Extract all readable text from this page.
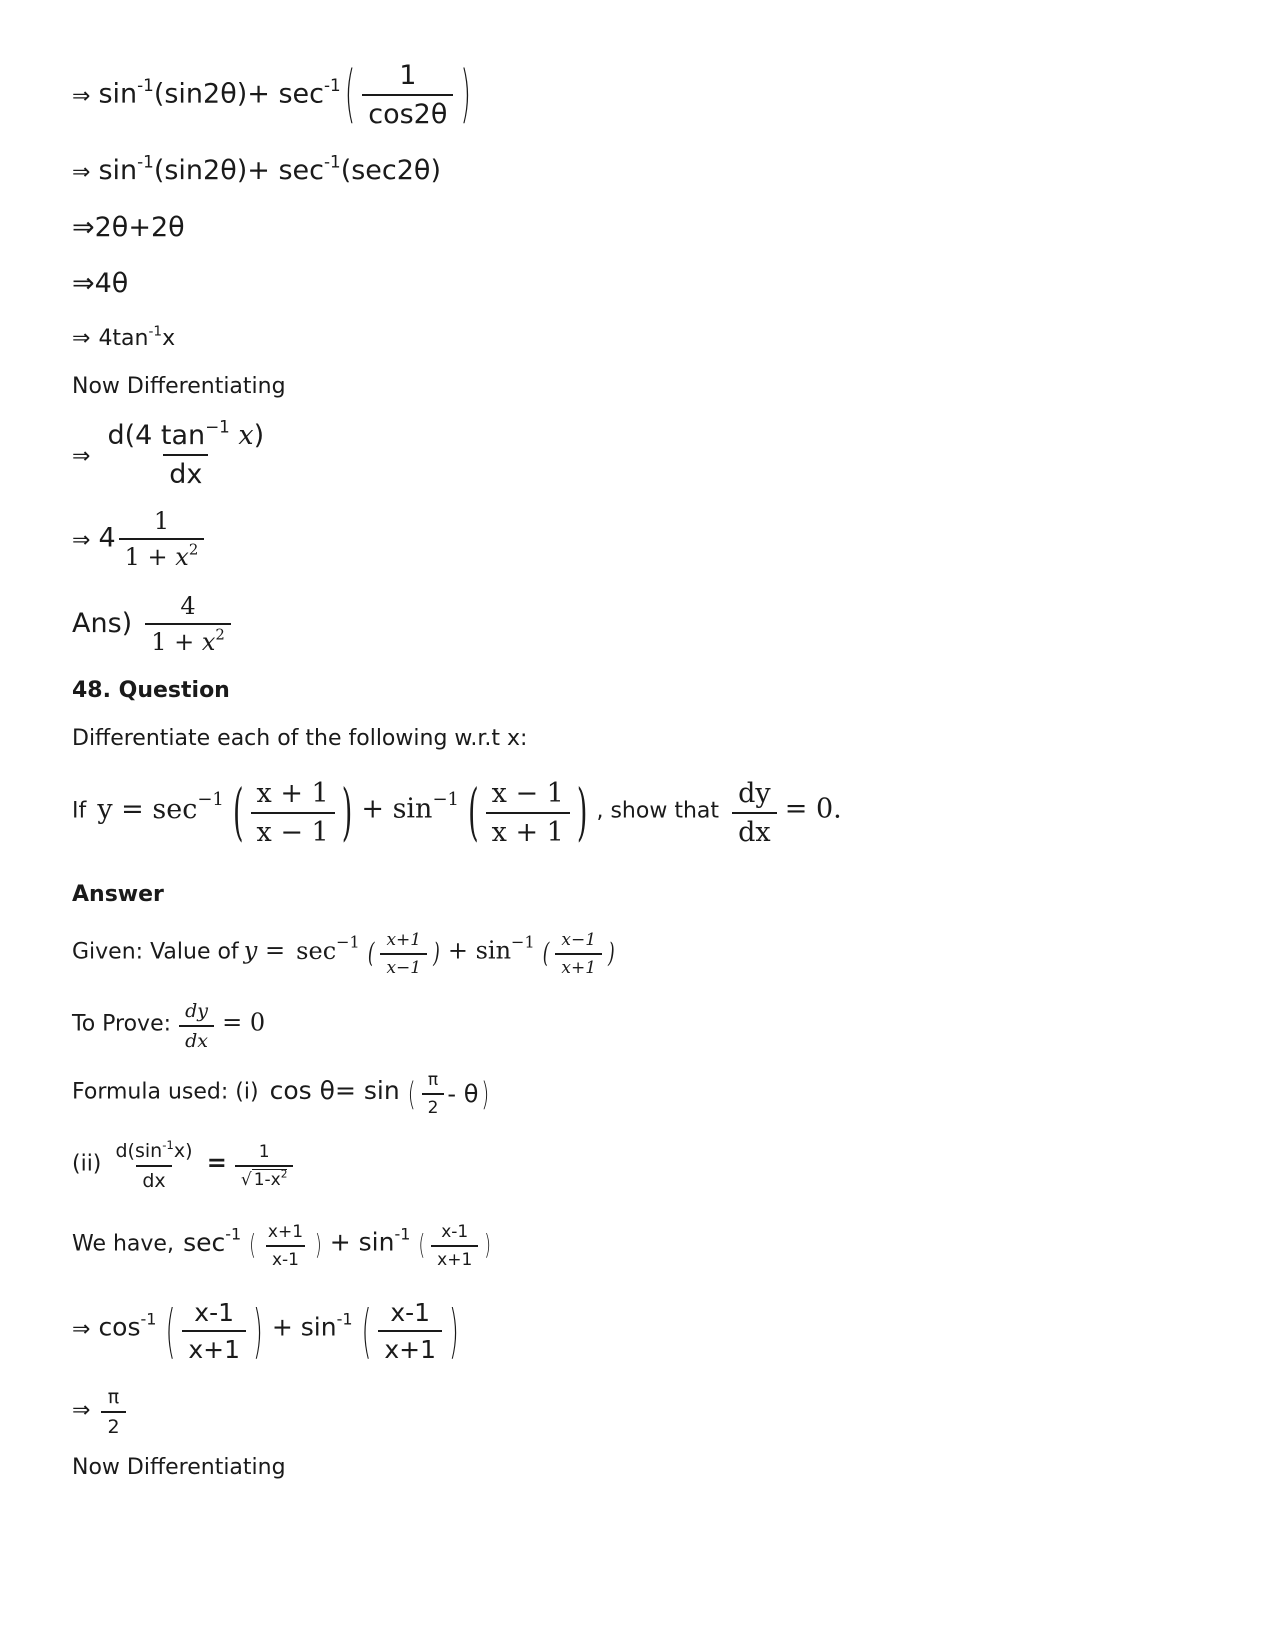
⇒ $\sin^{-1}(\sin 2\theta)+ \sec^{-1}$ ( $\frac{1}{\cos 2\theta}$
)
⇒ $\sin^{-1}(\sin 2\theta)+ \sec^{-1}(\sec 2\theta)$
⇒2θ+2θ
⇒4θ
⇒ $4\tan^{-1}x$
Now Differentiating
⇒ $\frac{d(4 \tan^{-1} x)}{dx}$
⇒ $4 \frac{1}{1 + x^2}$
$Ans) \frac{4}{1 + x^2}$
48. Question
Differentiate each of the following w.r.t x:
If $y = \sec^{-1}$ ( $\frac{x + 1}{x - 1}$
) + $\sin^{-1}$ ( $\frac{x - 1}{x + 1}$
) , show that $\frac{dy}{dx} = 0$.
Answer
Given: Value of $y = \sec^{-1}$ ( $\frac{x+1}{x-1}$
) + $\sin^{-1}$ ( $\frac{x-1}{x+1}$
)
To Prove: $\frac{dy}{dx} = 0$
Formula used: (i) cos θ= sin ( $\frac{\pi}{2}$ - θ
)
$(ii) \frac{d(\sin^{-1}x)}{dx} = \frac{1}{√ 1-x^2}$
We have, $\sec^{-1}$ ( $\frac{x+1}{x-1}$
) + $\sin^{-1}$ ( $\frac{x-1}{x+1}$
)
⇒ $\cos^{-1}$ ( $\frac{x-1}{x+1}$
) + $\sin^{-1}$ ( $\frac{x-1}{x+1}$
)
⇒ $\frac{\pi}{2}$
Now Differentiating
